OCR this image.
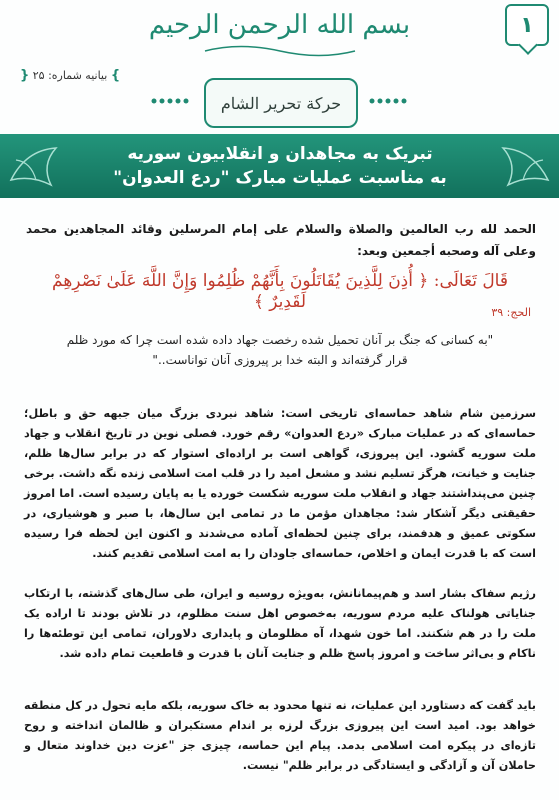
١
بسم الله الرحمن الرحيم
} بیانیه شماره: ۲۵ {
حركة تحرير الشام
تبریک به مجاهدان و انقلابیون سوریه
به مناسبت عملیات مبارک "ردع العدوان"
الحمد لله رب العالمين والصلاة والسلام على إمام المرسلين وقائد المجاهدين محمد وعلى آله وصحبه أجمعين وبعد:
قَالَ تَعَالَى: ﴿ أُذِنَ لِلَّذِينَ يُقَاتَلُونَ بِأَنَّهُمْ ظُلِمُوا وَإِنَّ اللَّهَ عَلَىٰ نَصْرِهِمْ لَقَدِيرٌ ﴾
الحج: ۳۹
"به کسانی که جنگ بر آنان تحمیل شده رخصت جهاد داده شده است چرا که مورد ظلم قرار گرفته‌اند و البته خدا بر پیروزی آنان تواناست.."
سرزمین شام شاهد حماسه‌ای تاریخی است: شاهد نبردی بزرگ میان جبهه حق و باطل؛ حماسه‌ای که در عملیات مبارک «ردع العدوان» رقم خورد. فصلی نوین در تاریخ انقلاب و جهاد ملت سوریه گشود. این پیروزی، گواهی است بر اراده‌ای استوار که در برابر سال‌ها ظلم، جنایت و خیانت، هرگز تسلیم نشد و مشعل امید را در قلب امت اسلامی زنده نگه داشت. برخی چنین می‌پنداشتند جهاد و انقلاب ملت سوریه شکست خورده یا به پایان رسیده است. اما امروز حقیقتی دیگر آشکار شد: مجاهدان مؤمن ما در تمامی این سال‌ها، با صبر و هوشیاری، در سکوتی عمیق و هدفمند، برای چنین لحظه‌ای آماده می‌شدند و اکنون این لحظه فرا رسیده است که با قدرت ایمان و اخلاص، حماسه‌ای جاودان را به امت اسلامی تقدیم کنند.
رژیم سفاک بشار اسد و هم‌پیمانانش، به‌ویژه روسیه و ایران، طی سال‌های گذشته، با ارتکاب جنایاتی هولناک علیه مردم سوریه، به‌خصوص اهل سنت مظلوم، در تلاش بودند تا اراده یک ملت را در هم شکنند. اما خون شهدا، آه مظلومان و پایداری دلاوران، تمامی این توطئه‌ها را ناکام و بی‌اثر ساخت و امروز پاسخ ظلم و جنایت آنان با قدرت و قاطعیت تمام داده شد.
باید گفت که دستاورد این عملیات، نه تنها محدود به خاک سوریه، بلکه مایه تحول در کل منطقه خواهد بود. امید است این پیروزی بزرگ لرزه بر اندام مستکبران و ظالمان انداخته و روح تازه‌ای در پیکره امت اسلامی بدمد. پیام این حماسه، چیزی جز "عزت دین خداوند متعال و حاملان آن و آزادگی و ایستادگی در برابر ظلم" نیست.
